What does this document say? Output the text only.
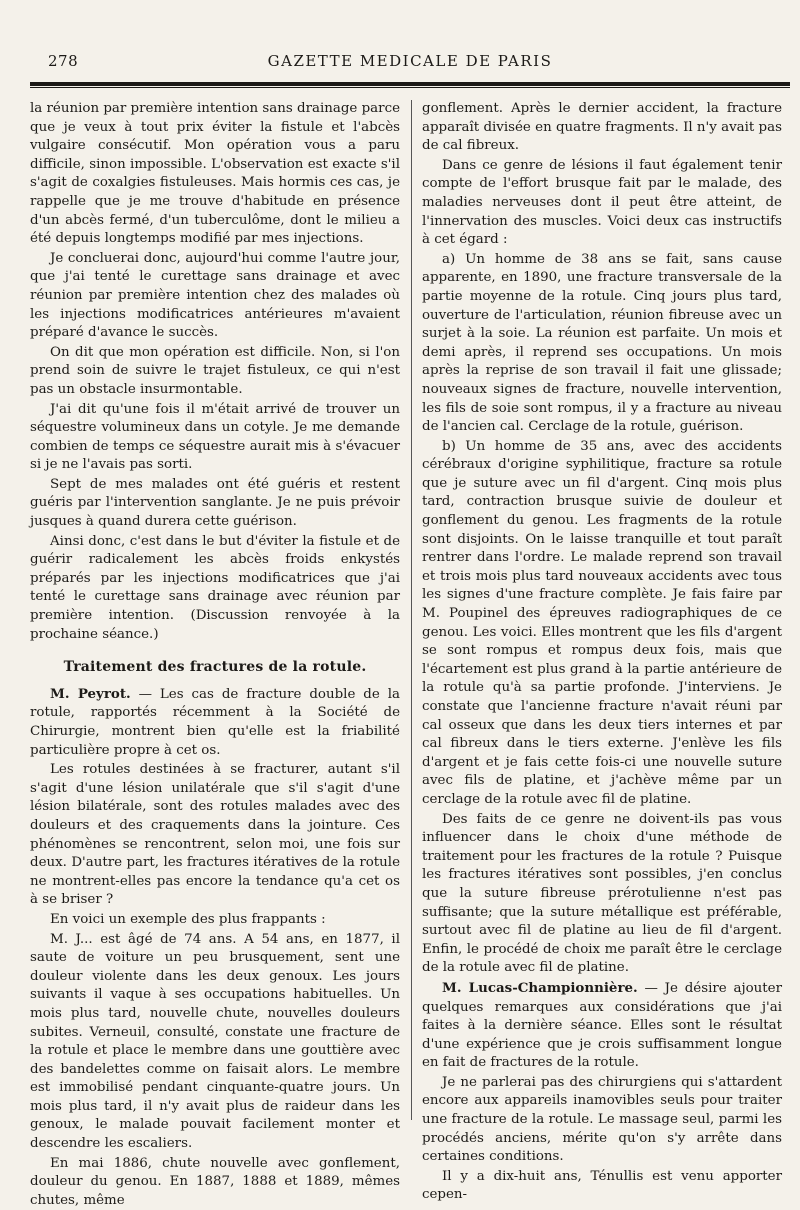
278	GAZETTE MEDICALE DE PARIS

la réunion par première intention sans drainage parce que je veux à tout prix éviter la fistule et l'abcès vulgaire consécutif. Mon opération vous a paru difficile, sinon impossible. L'observation est exacte s'il s'agit de coxalgies fistuleuses. Mais hormis ces cas, je rappelle que je me trouve d'habitude en présence d'un abcès fermé, d'un tuberculôme, dont le milieu a été depuis longtemps modifié par mes injections.

Je concluerai donc, aujourd'hui comme l'autre jour, que j'ai tenté le curettage sans drainage et avec réunion par première intention chez des malades où les injections modificatrices antérieures m'avaient préparé d'avance le succès.

On dit que mon opération est difficile. Non, si l'on prend soin de suivre le trajet fistuleux, ce qui n'est pas un obstacle insurmontable.

J'ai dit qu'une fois il m'était arrivé de trouver un séquestre volumineux dans un cotyle. Je me demande combien de temps ce séquestre aurait mis à s'évacuer si je ne l'avais pas sorti.

Sept de mes malades ont été guéris et restent guéris par l'intervention sanglante. Je ne puis prévoir jusques à quand durera cette guérison.

Ainsi donc, c'est dans le but d'éviter la fistule et de guérir radicalement les abcès froids enkystés préparés par les injections modificatrices que j'ai tenté le curettage sans drainage avec réunion par première intention. (Discussion renvoyée à la prochaine séance.)

Traitement des fractures de la rotule.

M. Peyrot. — Les cas de fracture double de la rotule, rapportés récemment à la Société de Chirurgie, montrent bien qu'elle est la friabilité particulière propre à cet os.

Les rotules destinées à se fracturer, autant s'il s'agit d'une lésion unilatérale que s'il s'agit d'une lésion bilatérale, sont des rotules malades avec des douleurs et des craquements dans la jointure. Ces phénomènes se rencontrent, selon moi, une fois sur deux. D'autre part, les fractures itératives de la rotule ne montrent-elles pas encore la tendance qu'a cet os à se briser ?

En voici un exemple des plus frappants :

M. J... est âgé de 74 ans. A 54 ans, en 1877, il saute de voiture un peu brusquement, sent une douleur violente dans les deux genoux. Les jours suivants il vaque à ses occupations habituelles. Un mois plus tard, nouvelle chute, nouvelles douleurs subites. Verneuil, consulté, constate une fracture de la rotule et place le membre dans une gouttière avec des bandelettes comme on faisait alors. Le membre est immobilisé pendant cinquante-quatre jours. Un mois plus tard, il n'y avait plus de raideur dans les genoux, le malade pouvait facilement monter et descendre les escaliers.

En mai 1886, chute nouvelle avec gonflement, douleur du genou. En 1887, 1888 et 1889, mêmes chutes, même

gonflement. Après le dernier accident, la fracture apparaît divisée en quatre fragments. Il n'y avait pas de cal fibreux.

Dans ce genre de lésions il faut également tenir compte de l'effort brusque fait par le malade, des maladies nerveuses dont il peut être atteint, de l'innervation des muscles. Voici deux cas instructifs à cet égard :

a) Un homme de 38 ans se fait, sans cause apparente, en 1890, une fracture transversale de la partie moyenne de la rotule. Cinq jours plus tard, ouverture de l'articulation, réunion fibreuse avec un surjet à la soie. La réunion est parfaite. Un mois et demi après, il reprend ses occupations. Un mois après la reprise de son travail il fait une glissade; nouveaux signes de fracture, nouvelle intervention, les fils de soie sont rompus, il y a fracture au niveau de l'ancien cal. Cerclage de la rotule, guérison.

b) Un homme de 35 ans, avec des accidents cérébraux d'origine syphilitique, fracture sa rotule que je suture avec un fil d'argent. Cinq mois plus tard, contraction brusque suivie de douleur et gonflement du genou. Les fragments de la rotule sont disjoints. On le laisse tranquille et tout paraît rentrer dans l'ordre. Le malade reprend son travail et trois mois plus tard nouveaux accidents avec tous les signes d'une fracture complète. Je fais faire par M. Poupinel des épreuves radiographiques de ce genou. Les voici. Elles montrent que les fils d'argent se sont rompus et rompus deux fois, mais que l'écartement est plus grand à la partie antérieure de la rotule qu'à sa partie profonde. J'interviens. Je constate que l'ancienne fracture n'avait réuni par cal osseux que dans les deux tiers internes et par cal fibreux dans le tiers externe. J'enlève les fils d'argent et je fais cette fois-ci une nouvelle suture avec fils de platine, et j'achève même par un cerclage de la rotule avec fil de platine.

Des faits de ce genre ne doivent-ils pas vous influencer dans le choix d'une méthode de traitement pour les fractures de la rotule ? Puisque les fractures itératives sont possibles, j'en conclus que la suture fibreuse prérotulienne n'est pas suffisante; que la suture métallique est préférable, surtout avec fil de platine au lieu de fil d'argent. Enfin, le procédé de choix me paraît être le cerclage de la rotule avec fil de platine.

M. Lucas-Championnière. — Je désire ajouter quelques remarques aux considérations que j'ai faites à la dernière séance. Elles sont le résultat d'une expérience que je crois suffisamment longue en fait de fractures de la rotule.

Je ne parlerai pas des chirurgiens qui s'attardent encore aux appareils inamovibles seuls pour traiter une fracture de la rotule. Le massage seul, parmi les procédés anciens, mérite qu'on s'y arrête dans certaines conditions.

Il y a dix-huit ans, Ténullis est venu apporter cepen-
